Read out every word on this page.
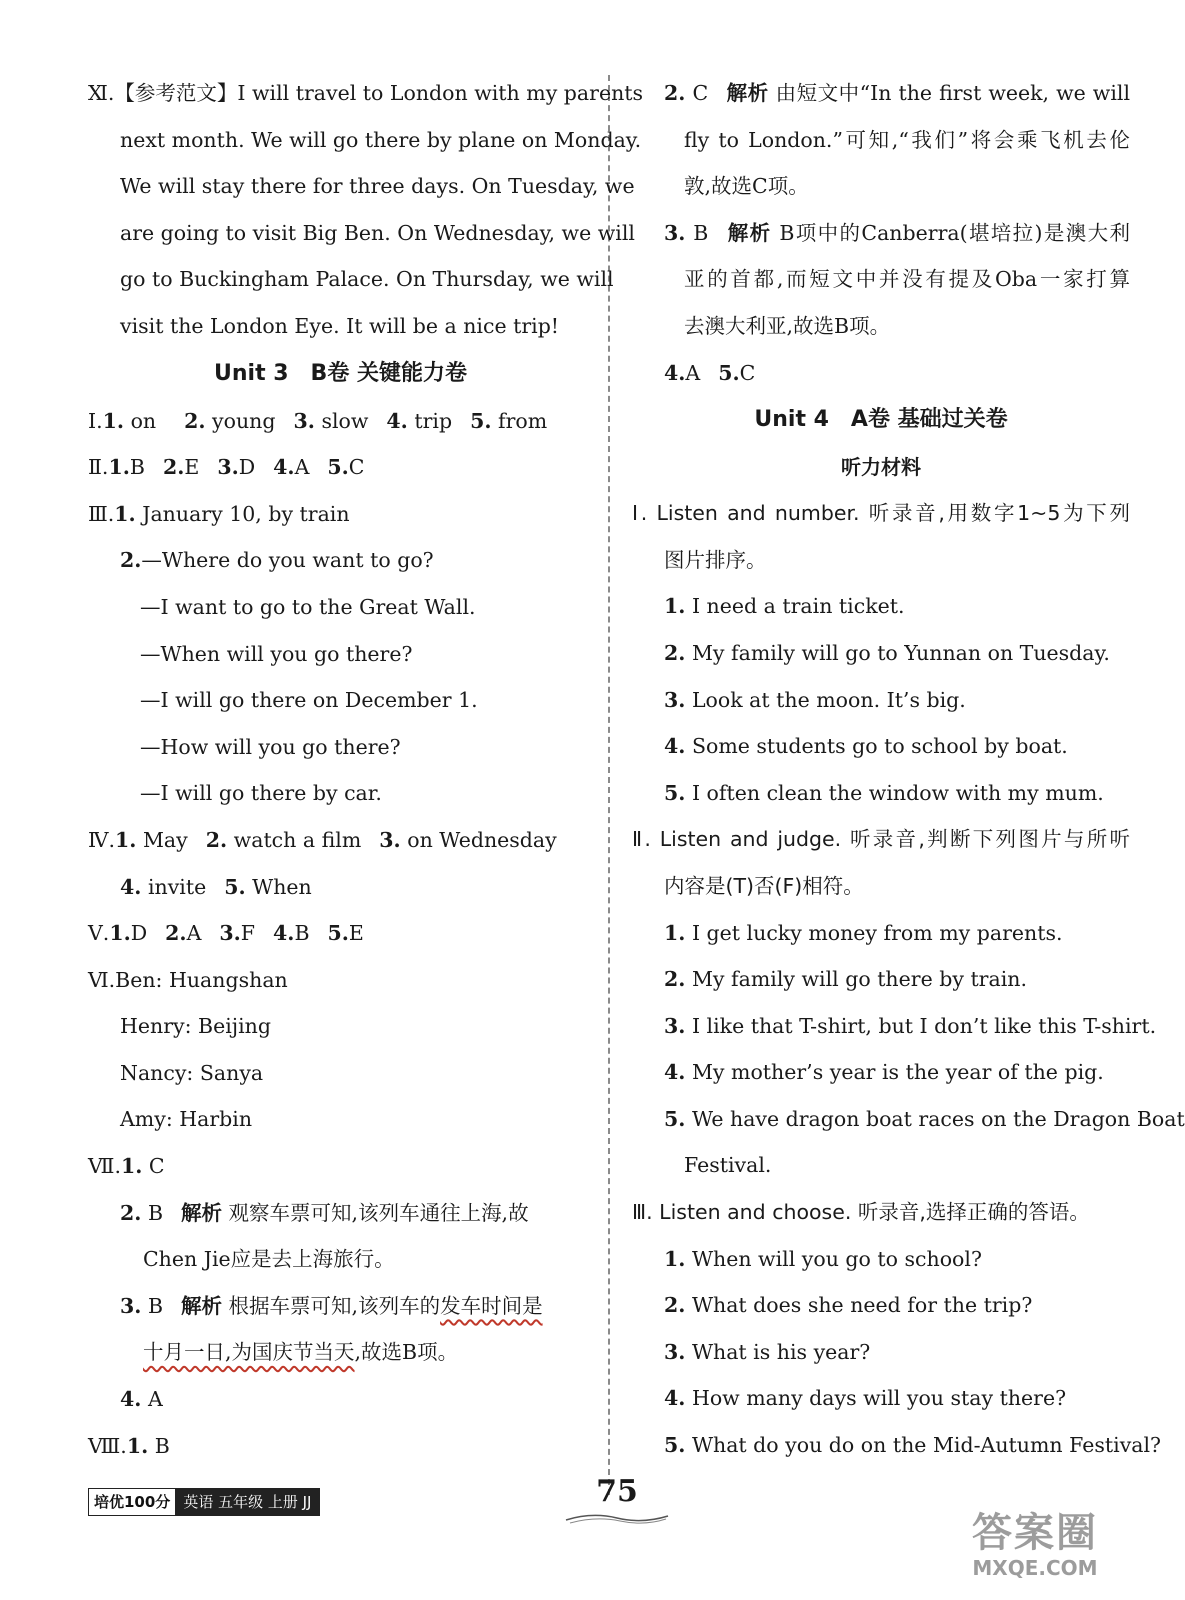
Ⅺ.【参考范文】I will travel to London with my parents
next month. We will go there by plane on Monday.
We will stay there for three days. On Tuesday, we
are going to visit Big Ben. On Wednesday, we will
go to Buckingham Palace. On Thursday, we will
visit the London Eye. It will be a nice trip!
Unit 3　B卷 关键能力卷
Ⅰ.1. on 2. young 3. slow 4. trip 5. from
Ⅱ.1.B 2.E 3.D 4.A 5.C
Ⅲ.1. January 10, by train
2.—Where do you want to go?
—I want to go to the Great Wall.
—When will you go there?
—I will go there on December 1.
—How will you go there?
—I will go there by car.
Ⅳ.1. May 2. watch a film 3. on Wednesday
4. invite 5. When
Ⅴ.1.D 2.A 3.F 4.B 5.E
Ⅵ.Ben: Huangshan
Henry: Beijing
Nancy: Sanya
Amy: Harbin
Ⅶ.1. C
2. B 解析 观察车票可知,该列车通往上海,故
Chen Jie应是去上海旅行。
3. B 解析 根据车票可知,该列车的发车时间是
十月一日,为国庆节当天,故选B项。
4. A
Ⅷ.1. B
2. C 解析 由短文中“In the first week, we will
fly to London.”可知,“我们”将会乘飞机去伦
敦,故选C项。
3. B 解析 B项中的Canberra(堪培拉)是澳大利
亚的首都,而短文中并没有提及Oba一家打算
去澳大利亚,故选B项。
4.A 5.C
Unit 4　A卷 基础过关卷
听力材料
Ⅰ. Listen and number. 听录音,用数字1~5为下列
图片排序。
1. I need a train ticket.
2. My family will go to Yunnan on Tuesday.
3. Look at the moon. It’s big.
4. Some students go to school by boat.
5. I often clean the window with my mum.
Ⅱ. Listen and judge. 听录音,判断下列图片与所听
内容是(T)否(F)相符。
1. I get lucky money from my parents.
2. My family will go there by train.
3. I like that T-shirt, but I don’t like this T-shirt.
4. My mother’s year is the year of the pig.
5. We have dragon boat races on the Dragon Boat
Festival.
Ⅲ. Listen and choose. 听录音,选择正确的答语。
1. When will you go to school?
2. What does she need for the trip?
3. What is his year?
4. How many days will you stay there?
5. What do you do on the Mid-Autumn Festival?
培优100分 英语 五年级 上册 JJ	75
答案圈
MXQE.COM
